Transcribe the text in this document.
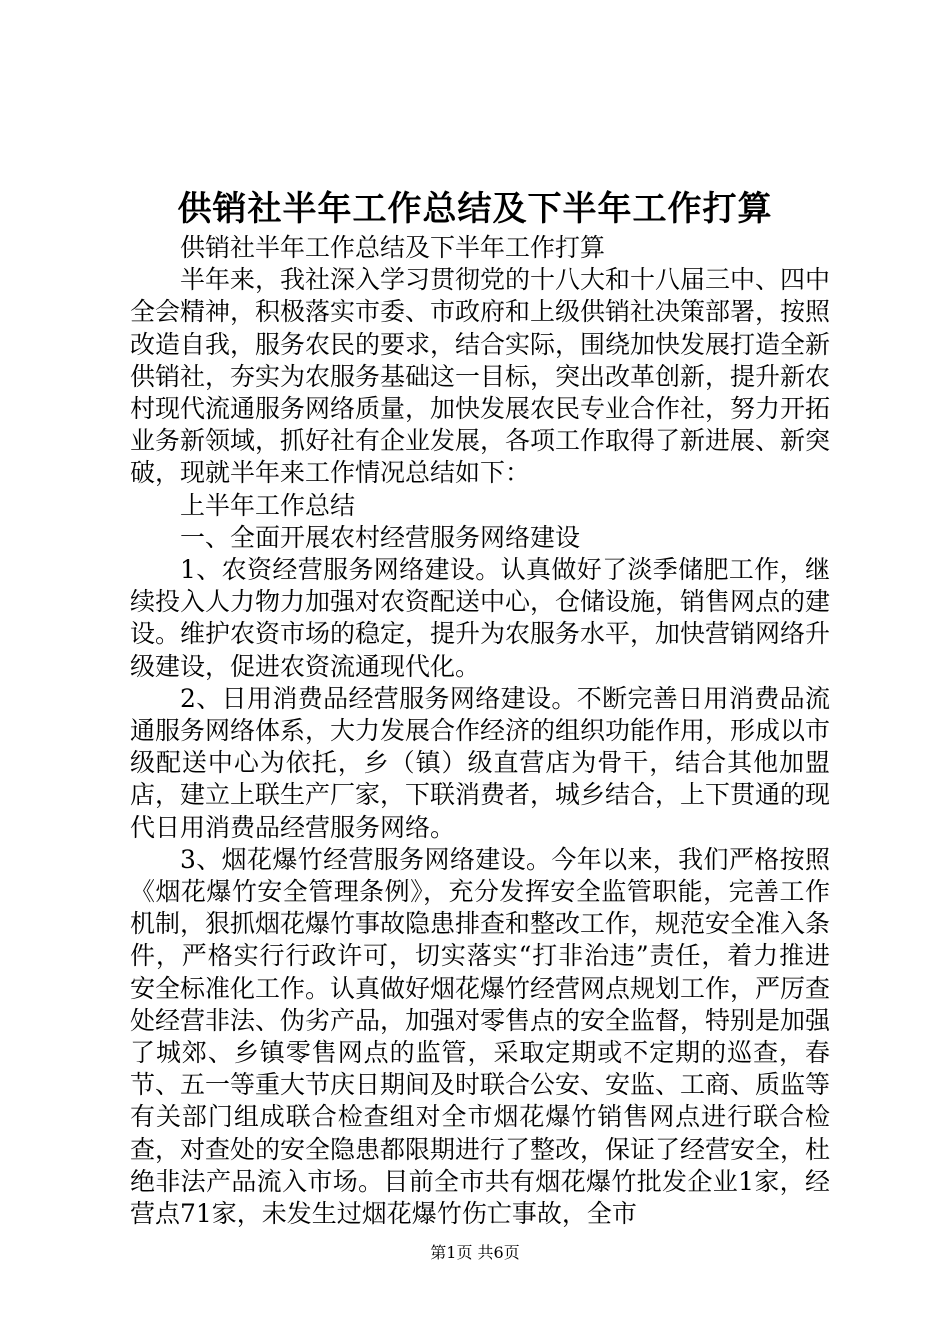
供销社半年工作总结及下半年工作打算

供销社半年工作总结及下半年工作打算

半年来，我社深入学习贯彻党的十八大和十八届三中、四中全会精神，积极落实市委、市政府和上级供销社决策部署，按照改造自我，服务农民的要求，结合实际，围绕加快发展打造全新供销社，夯实为农服务基础这一目标，突出改革创新，提升新农村现代流通服务网络质量，加快发展农民专业合作社，努力开拓业务新领域，抓好社有企业发展，各项工作取得了新进展、新突破，现就半年来工作情况总结如下：

上半年工作总结

一、全面开展农村经营服务网络建设

1、农资经营服务网络建设。认真做好了淡季储肥工作，继续投入人力物力加强对农资配送中心，仓储设施，销售网点的建设。维护农资市场的稳定，提升为农服务水平，加快营销网络升级建设，促进农资流通现代化。

2、日用消费品经营服务网络建设。不断完善日用消费品流通服务网络体系，大力发展合作经济的组织功能作用，形成以市级配送中心为依托，乡（镇）级直营店为骨干，结合其他加盟店，建立上联生产厂家，下联消费者，城乡结合，上下贯通的现代日用消费品经营服务网络。

3、烟花爆竹经营服务网络建设。今年以来，我们严格按照《烟花爆竹安全管理条例》，充分发挥安全监管职能，完善工作机制，狠抓烟花爆竹事故隐患排查和整改工作，规范安全准入条件，严格实行行政许可，切实落实“打非治违”责任，着力推进安全标准化工作。认真做好烟花爆竹经营网点规划工作，严厉查处经营非法、伪劣产品，加强对零售点的安全监督，特别是加强了城郊、乡镇零售网点的监管，采取定期或不定期的巡查，春节、五一等重大节庆日期间及时联合公安、安监、工商、质监等有关部门组成联合检查组对全市烟花爆竹销售网点进行联合检查，对查处的安全隐患都限期进行了整改，保证了经营安全，杜绝非法产品流入市场。目前全市共有烟花爆竹批发企业1家，经营点71家，未发生过烟花爆竹伤亡事故，全市

第1页 共6页
